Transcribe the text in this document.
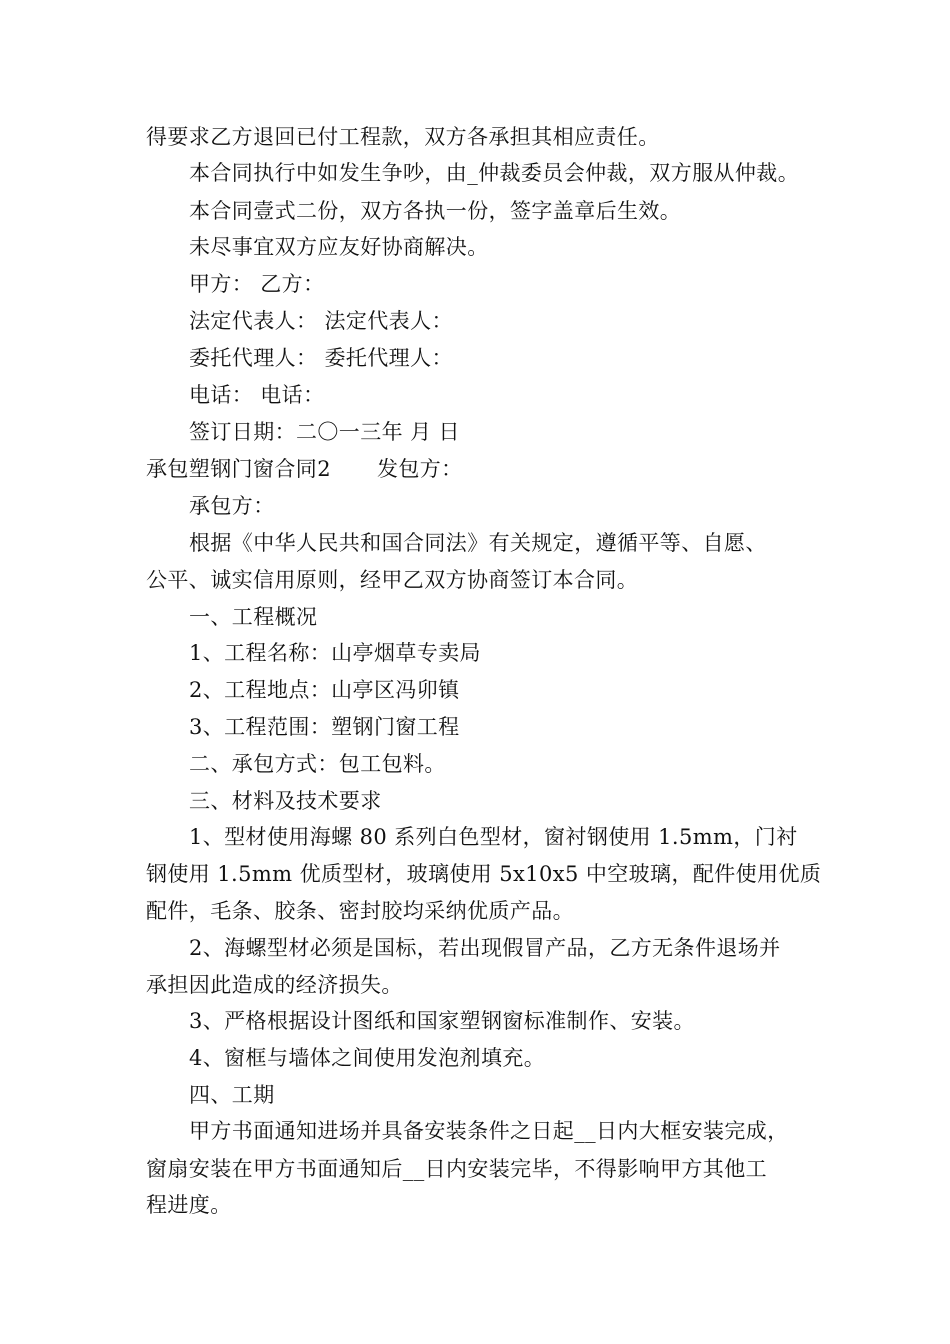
得要求乙方退回已付工程款，双方各承担其相应责任。
本合同执行中如发生争吵，由_仲裁委员会仲裁，双方服从仲裁。
本合同壹式二份，双方各执一份，签字盖章后生效。
未尽事宜双方应友好协商解决。
甲方： 乙方：
法定代表人： 法定代表人：
委托代理人： 委托代理人：
电话： 电话：
签订日期：二〇一三年 月 日
承包塑钢门窗合同2 发包方：
承包方：
根据《中华人民共和国合同法》有关规定，遵循平等、自愿、
公平、诚实信用原则，经甲乙双方协商签订本合同。
一、工程概况
1、工程名称：山亭烟草专卖局
2、工程地点：山亭区冯卯镇
3、工程范围：塑钢门窗工程
二、承包方式：包工包料。
三、材料及技术要求
1、型材使用海螺 80 系列白色型材，窗衬钢使用 1.5mm，门衬
钢使用 1.5mm 优质型材，玻璃使用 5x10x5 中空玻璃，配件使用优质
配件，毛条、胶条、密封胶均采纳优质产品。
2、海螺型材必须是国标，若出现假冒产品，乙方无条件退场并
承担因此造成的经济损失。
3、严格根据设计图纸和国家塑钢窗标准制作、安装。
4、窗框与墙体之间使用发泡剂填充。
四、工期
甲方书面通知进场并具备安装条件之日起__日内大框安装完成，
窗扇安装在甲方书面通知后__日内安装完毕，不得影响甲方其他工
程进度。
